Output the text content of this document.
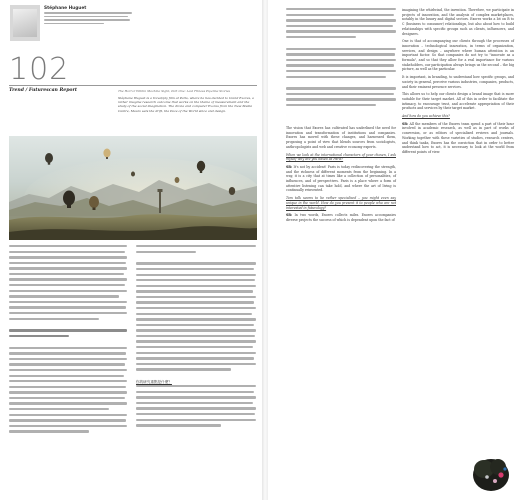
Stéphane Huguet
102
Trend / Futurescan Report	The Horror Within Machine Sight, Part One: Last Fitness Pipeline Stories
Stéphane Huguet is a travel/ply film at Paris, where he has decided to brand Exores, a rather imagine research outcome that works on the theme of measurement and the study of the social imagination. The drone and computer Exores from the New Media Centre, Mauro sets the drift, the Pace of the World since and design.
你的研究重點是什麼？

The vision that Exores has cultivated has underlined the need for innovation and transformation of institutions and companies. Exores has moved with these changes, and harnessed them, proposing a point of view that blends sources from sociologists, anthropologists and web and creative economy experts.

When we look at the international characters of your chosen, I ask myself why are you based as Paris?

SB: It's not by accident! Paris is today rediscovering the strength, and the richness of different moments from the beginning. In a way, it is a city that at times like a collection of personalities, of influences, and of perspectives. Paris is a place where a form of attentive listening can take hold, and where the art of living is continually reinvented.

Tom talk seems to be rather specialized – you might even say unique in the world. How do you present it to people who are not interested in futurology?

SB: In two words, Exores collects miles. Exores accompanies diverse projects the success of which is dependent upon the fact of

imagining the whirlwind, the invention. Therefore, we participate in projects of innovation, and the analysis of complex marketplaces, notably in the luxury and digital sectors. Exores works a lot on B to C (business to consumer) relationships, but also about how to build relationships with specific groups such as clients, influencers, and designers.

One is that of accompanying our clients through the processes of innovation – technological innovation, in terms of organization, services, and design – anywhere where human attention is an important factor. So that companies do not try to "innovate as a formula", and so that they allow for a real importance for various stakeholders, our participation always brings us the second – the big picture, as well as the particular.

It is important, in branding, to understand how specific groups, and society in general, perceive various industries, companies, products, and their eminent presence services.

This allows us to help our clients design a brand image that is more suitable for their target market. All of this in order to facilitate the intimacy, to encourage trust, and accelerate appropriation of their products and services by their target market.

And how do you achieve this?

SB: All the members of the Exores team spend a part of their hour involved in academic research, as well as in part of works of conversion, or as editors of specialized reviews and journals. Working together with these varieties of studies, research centers, and think tanks, Exores has the conviction that in order to better understand how to act, it is necessary to look at the world from different points of view.
